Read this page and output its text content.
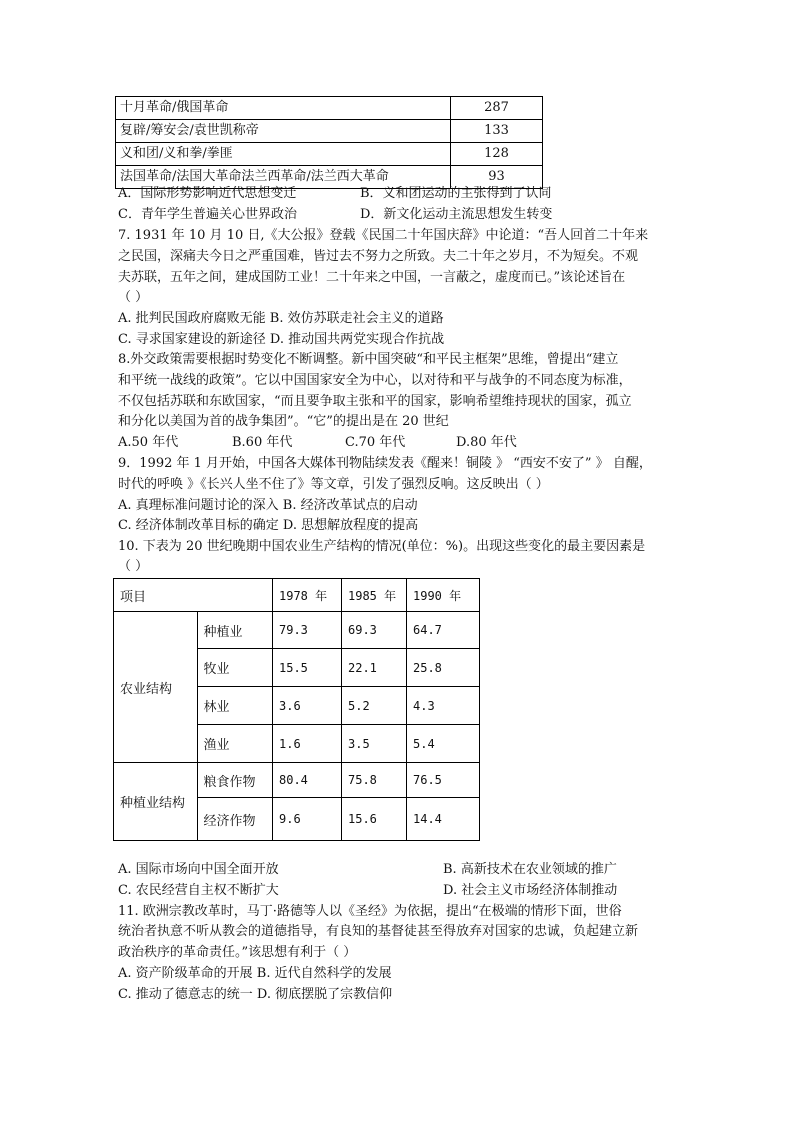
十月革命/俄国革命	287
复辟/筹安会/袁世凯称帝	133
义和团/义和拳/拳匪	128
法国革命/法国大革命法兰西革命/法兰西大革命	93
A．国际形势影响近代思想变迁	B．义和团运动的主张得到了认同
C．青年学生普遍关心世界政治	D．新文化运动主流思想发生转变
7. 1931 年 10 月 10 日,《大公报》登载《民国二十年国庆辞》中论道：“吾人回首二十年来
之民国，深痛夫今日之严重国难，皆过去不努力之所致。夫二十年之岁月，不为短矣。不观
夫苏联，五年之间，建成国防工业！二十年来之中国，一言蔽之，虚度而已。”该论述旨在
（ ）
A. 批判民国政府腐败无能 B. 效仿苏联走社会主义的道路
C. 寻求国家建设的新途径 D. 推动国共两党实现合作抗战
8.外交政策需要根据时势变化不断调整。新中国突破“和平民主框架”思维，曾提出“建立
和平统一战线的政策”。它以中国国家安全为中心，以对待和平与战争的不同态度为标准，
不仅包括苏联和东欧国家，“而且要争取主张和平的国家，影响希望维持现状的国家，孤立
和分化以美国为首的战争集团”。“它”的提出是在 20 世纪
A.50 年代	B.60 年代	C.70 年代	D.80 年代
9．1992 年 1 月开始，中国各大媒体刊物陆续发表《醒来！铜陵 》 “西安不安了” 》 自醒，
时代的呼唤 》《长兴人坐不住了》等文章，引发了强烈反响。这反映出（ ）
A. 真理标准问题讨论的深入 B. 经济改革试点的启动
C. 经济体制改革目标的确定 D. 思想解放程度的提高
10. 下表为 20 世纪晚期中国农业生产结构的情况(单位：%)。出现这些变化的最主要因素是
（ ）
项目		1978 年	1985 年	1990 年
农业结构	种植业	79.3	69.3	64.7
	牧业	15.5	22.1	25.8
	林业	3.6	5.2	4.3
	渔业	1.6	3.5	5.4
种植业结构	粮食作物	80.4	75.8	76.5
	经济作物	9.6	15.6	14.4
A. 国际市场向中国全面开放	B. 高新技术在农业领域的推广
C. 农民经营自主权不断扩大	D. 社会主义市场经济体制推动
11. 欧洲宗教改革时，马丁·路德等人以《圣经》为依据，提出“在极端的情形下面，世俗
统治者执意不听从教会的道德指导，有良知的基督徒甚至得放弃对国家的忠诚，负起建立新
政治秩序的革命责任。”该思想有利于（ ）
A. 资产阶级革命的开展 B. 近代自然科学的发展
C. 推动了德意志的统一 D. 彻底摆脱了宗教信仰
